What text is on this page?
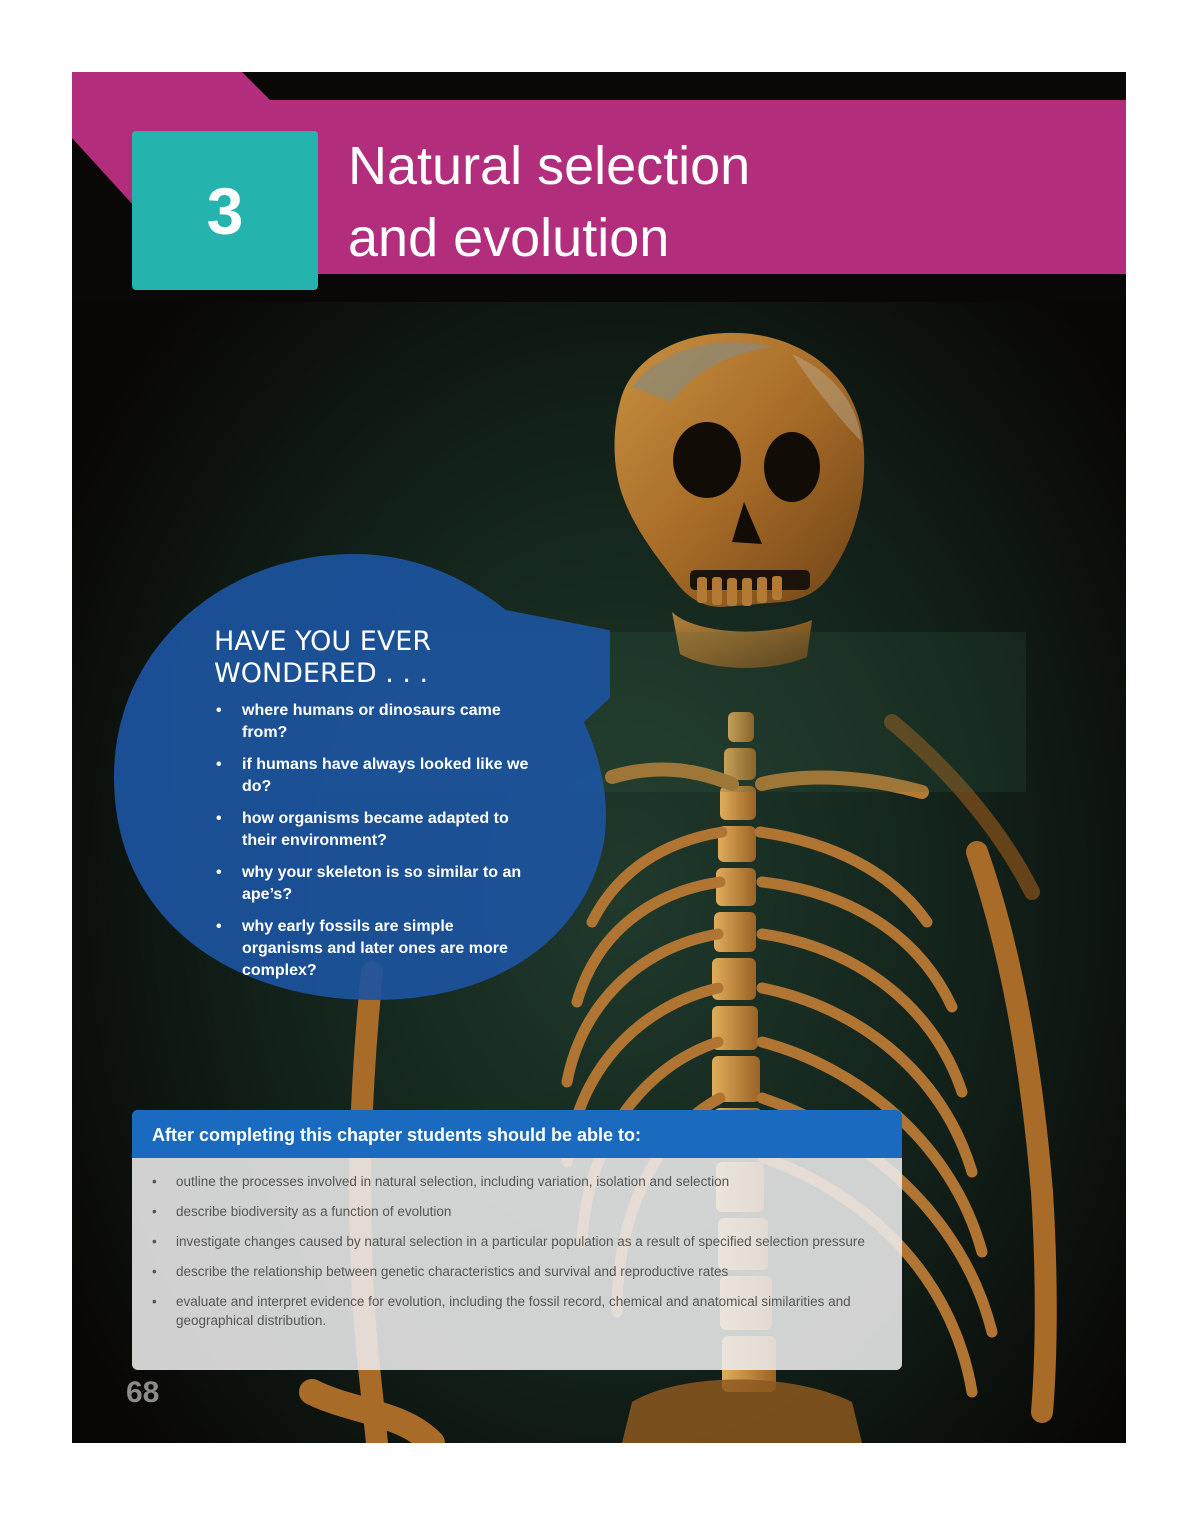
3
Natural selection
and evolution
HAVE YOU EVER
WONDERED . . .
• where humans or dinosaurs came from?
• if humans have always looked like we do?
• how organisms became adapted to their environment?
• why your skeleton is so similar to an ape’s?
• why early fossils are simple organisms and later ones are more complex?
After completing this chapter students should be able to:
• outline the processes involved in natural selection, including variation, isolation and selection
• describe biodiversity as a function of evolution
• investigate changes caused by natural selection in a particular population as a result of specified selection pressure
• describe the relationship between genetic characteristics and survival and reproductive rates
• evaluate and interpret evidence for evolution, including the fossil record, chemical and anatomical similarities and geographical distribution.
68
